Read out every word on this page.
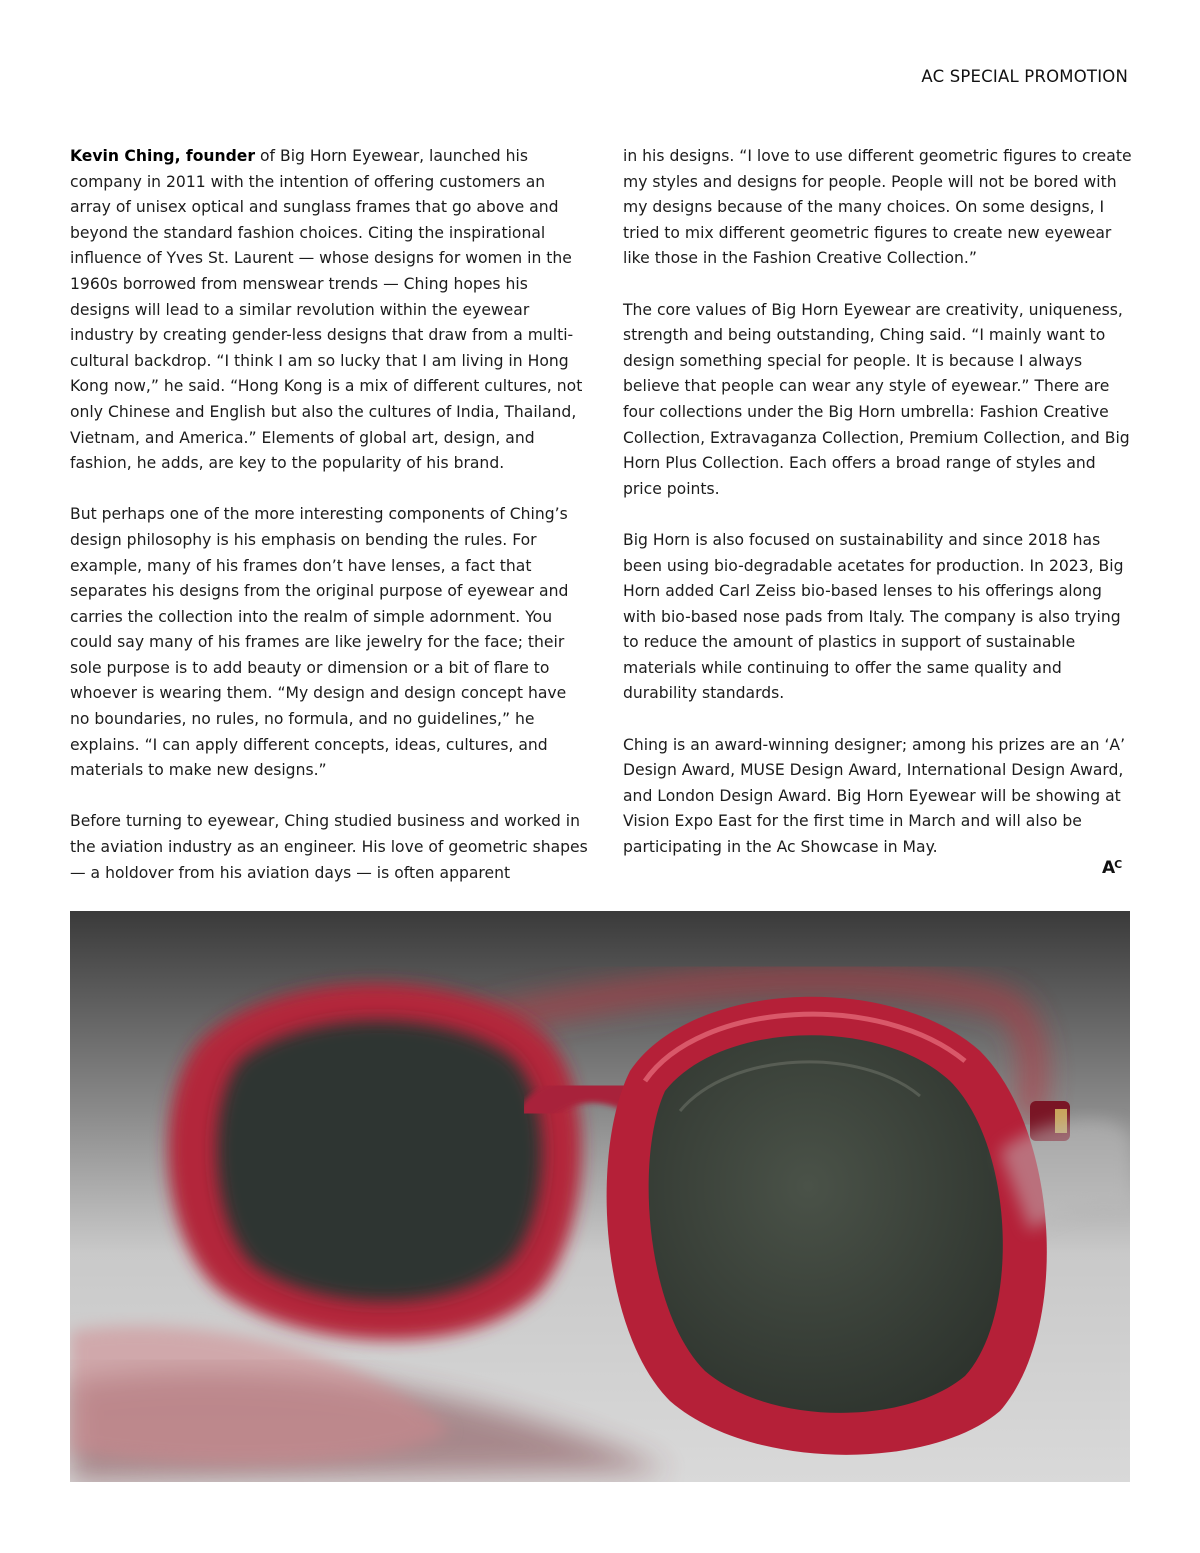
AC SPECIAL PROMOTION

Kevin Ching, founder of Big Horn Eyewear, launched his company in 2011 with the intention of offering customers an array of unisex optical and sunglass frames that go above and beyond the standard fashion choices. Citing the inspirational influence of Yves St. Laurent — whose designs for women in the 1960s borrowed from menswear trends — Ching hopes his designs will lead to a similar revolution within the eyewear industry by creating gender-less designs that draw from a multi-cultural backdrop. “I think I am so lucky that I am living in Hong Kong now,” he said. “Hong Kong is a mix of different cultures, not only Chinese and English but also the cultures of India, Thailand, Vietnam, and America.” Elements of global art, design, and fashion, he adds, are key to the popularity of his brand.

But perhaps one of the more interesting components of Ching’s design philosophy is his emphasis on bending the rules. For example, many of his frames don’t have lenses, a fact that separates his designs from the original purpose of eyewear and carries the collection into the realm of simple adornment. You could say many of his frames are like jewelry for the face; their sole purpose is to add beauty or dimension or a bit of flare to whoever is wearing them. “My design and design concept have no boundaries, no rules, no formula, and no guidelines,” he explains. “I can apply different concepts, ideas, cultures, and materials to make new designs.”

Before turning to eyewear, Ching studied business and worked in the aviation industry as an engineer. His love of geometric shapes — a holdover from his aviation days — is often apparent

in his designs. “I love to use different geometric figures to create my styles and designs for people. People will not be bored with my designs because of the many choices. On some designs, I tried to mix different geometric figures to create new eyewear like those in the Fashion Creative Collection.”

The core values of Big Horn Eyewear are creativity, uniqueness, strength and being outstanding, Ching said. “I mainly want to design something special for people. It is because I always believe that people can wear any style of eyewear.” There are four collections under the Big Horn umbrella: Fashion Creative Collection, Extravaganza Collection, Premium Collection, and Big Horn Plus Collection. Each offers a broad range of styles and price points.

Big Horn is also focused on sustainability and since 2018 has been using bio-degradable acetates for production. In 2023, Big Horn added Carl Zeiss bio-based lenses to his offerings along with bio-based nose pads from Italy. The company is also trying to reduce the amount of plastics in support of sustainable materials while continuing to offer the same quality and durability standards.

Ching is an award-winning designer; among his prizes are an ‘A’ Design Award, MUSE Design Award, International Design Award, and London Design Award. Big Horn Eyewear will be showing at Vision Expo East for the first time in March and will also be participating in the Ac Showcase in May.

$A^C$
